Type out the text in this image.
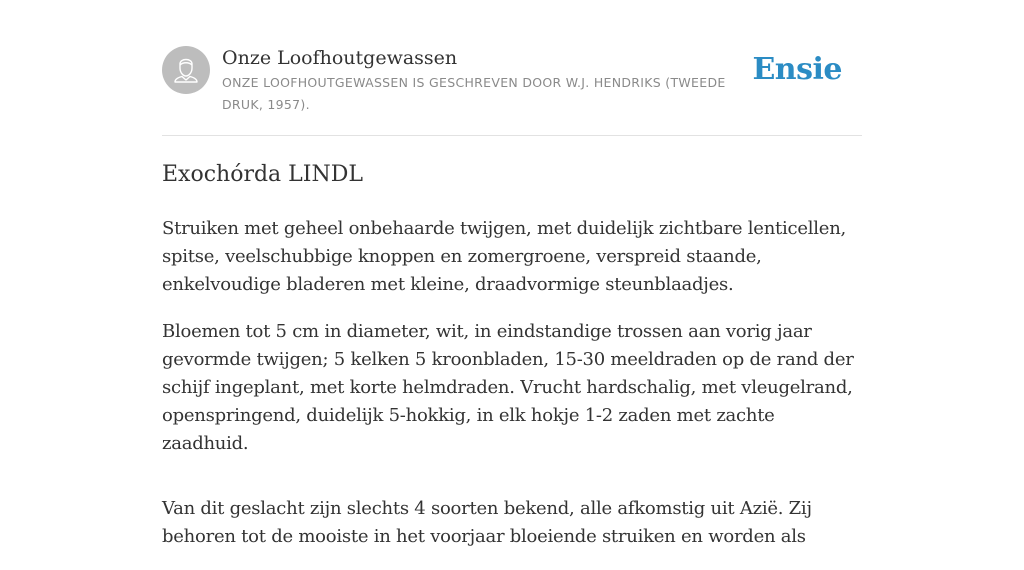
Onze Loofhoutgewassen
ONZE LOOFHOUTGEWASSEN IS GESCHREVEN DOOR W.J. HENDRIKS (TWEEDE DRUK, 1957).
Ensie
Exochórda LINDL

Struiken met geheel onbehaarde twijgen, met duidelijk zichtbare lenticellen, spitse, veelschubbige knoppen en zomergroene, verspreid staande, enkelvoudige bladeren met kleine, draadvormige steunblaadjes.

Bloemen tot 5 cm in diameter, wit, in eindstandige trossen aan vorig jaar gevormde twijgen; 5 kelken 5 kroonbladen, 15-30 meeldraden op de rand der schijf ingeplant, met korte helmdraden. Vrucht hardschalig, met vleugelrand, openspringend, duidelijk 5-hokkig, in elk hokje 1-2 zaden met zachte zaadhuid.

Van dit geslacht zijn slechts 4 soorten bekend, alle afkomstig uit Azië. Zij behoren tot de mooiste in het voorjaar bloeiende struiken en worden als
